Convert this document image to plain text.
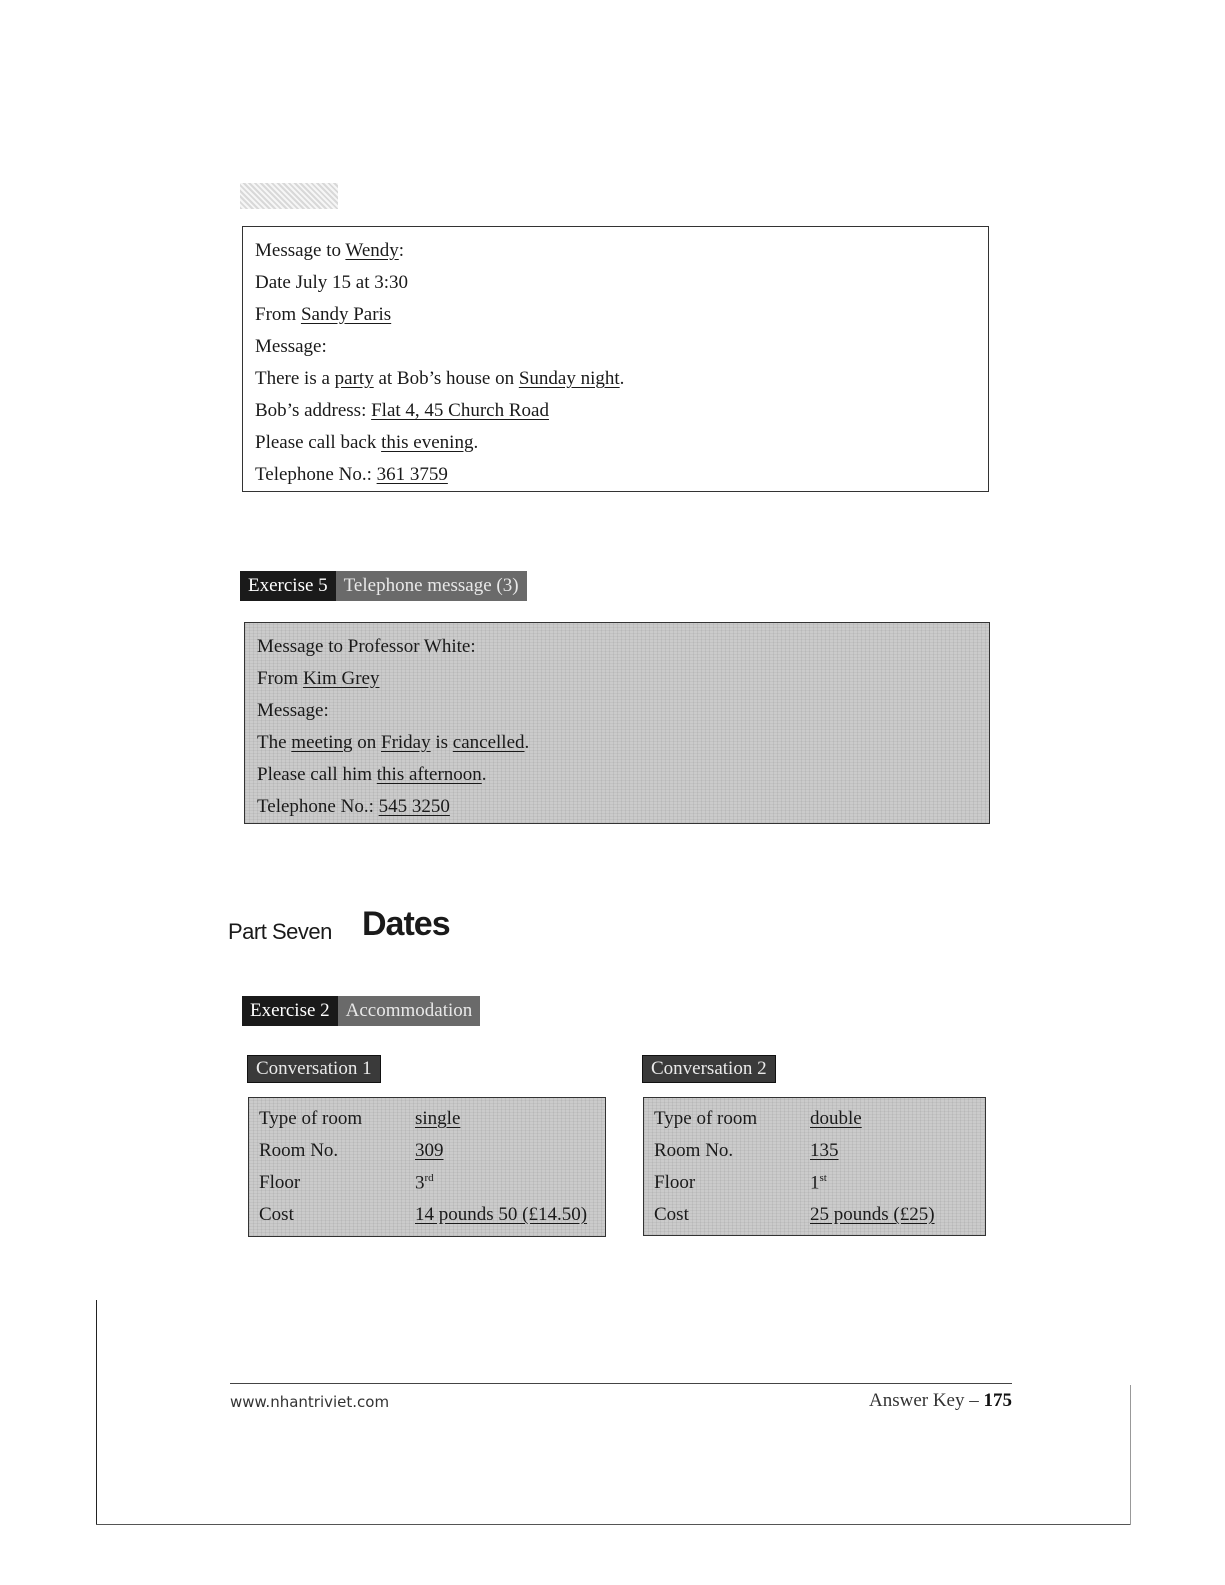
Message to Wendy:
Date July 15 at 3:30
From Sandy Paris
Message:
There is a party at Bob’s house on Sunday night.
Bob’s address: Flat 4, 45 Church Road
Please call back this evening.
Telephone No.: 361 3759
Exercise 5 Telephone message (3)
Message to Professor White:
From Kim Grey
Message:
The meeting on Friday is cancelled.
Please call him this afternoon.
Telephone No.: 545 3250
Part Seven Dates
Exercise 2 Accommodation
Conversation 1
Type of room	single
Room No.	309
Floor	3rd
Cost	14 pounds 50 (£14.50)
Conversation 2
Type of room	double
Room No.	135
Floor	1st
Cost	25 pounds (£25)
www.nhantriviet.com	Answer Key – 175
